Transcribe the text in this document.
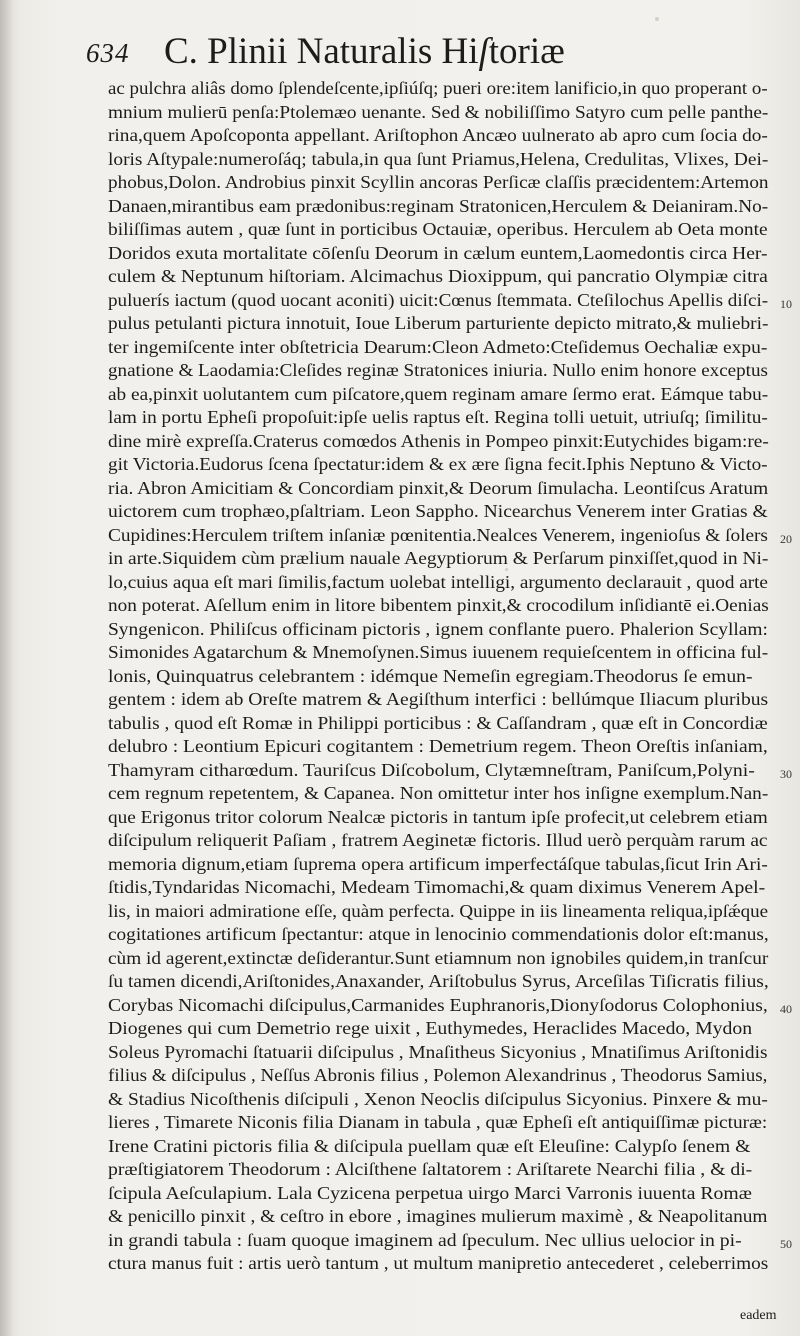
634 C. Plinii Naturalis Hiſtoriæ
ac pulchra aliâs domo ſplendeſcente,ipſiúſq; pueri ore:item lanificio,in quo properant o-
mnium mulierū penſa:Ptolemæo uenante. Sed & nobiliſſimo Satyro cum pelle panthe-
rina,quem Apoſcoponta appellant. Ariſtophon Ancæo uulnerato ab apro cum ſocia do-
loris Aſtypale:numeroſáq; tabula,in qua ſunt Priamus,Helena, Credulitas, Vlixes, Dei-
phobus,Dolon. Androbius pinxit Scyllin ancoras Perſicæ claſſis præcidentem:Artemon
Danaen,mirantibus eam prædonibus:reginam Stratonicen,Herculem & Deianiram.No-
biliſſimas autem , quæ ſunt in porticibus Octauiæ, operibus. Herculem ab Oeta monte
Doridos exuta mortalitate cōſenſu Deorum in cælum euntem,Laomedontis circa Her-
culem & Neptunum hiſtoriam. Alcimachus Dioxippum, qui pancratio Olympiæ citra
puluerís iactum (quod uocant aconiti) uicit:Cœnus ſtemmata. Cteſilochus Apellis diſci-
pulus petulanti pictura innotuit, Ioue Liberum parturiente depicto mitrato,& muliebri-
ter ingemiſcente inter obſtetricia Dearum:Cleon Admeto:Cteſidemus Oechaliæ expu-
gnatione & Laodamia:Cleſides reginæ Stratonices iniuria. Nullo enim honore exceptus
ab ea,pinxit uolutantem cum piſcatore,quem reginam amare ſermo erat. Eámque tabu-
lam in portu Epheſi propoſuit:ipſe uelis raptus eſt. Regina tolli uetuit, utriuſq; ſimilitu-
dine mirè expreſſa.Craterus comœdos Athenis in Pompeo pinxit:Eutychides bigam:re-
git Victoria.Eudorus ſcena ſpectatur:idem & ex ære ſigna fecit.Iphis Neptuno & Victo-
ria. Abron Amicitiam & Concordiam pinxit,& Deorum ſimulacha. Leontiſcus Aratum
uictorem cum trophæo,pſaltriam. Leon Sappho. Nicearchus Venerem inter Gratias &
Cupidines:Herculem triſtem inſaniæ pœnitentia.Nealces Venerem, ingenioſus & ſolers
in arte.Siquidem cùm prælium nauale Aegyptiorum & Perſarum pinxiſſet,quod in Ni-
lo,cuius aqua eſt mari ſimilis,factum uolebat intelligi, argumento declarauit , quod arte
non poterat. Aſellum enim in litore bibentem pinxit,& crocodilum inſidiantē ei.Oenias
Syngenicon. Philiſcus officinam pictoris , ignem conflante puero. Phalerion Scyllam:
Simonides Agatarchum & Mnemoſynen.Simus iuuenem requieſcentem in officina ful-
lonis, Quinquatrus celebrantem : idémque Nemeſin egregiam.Theodorus ſe emun-
gentem : idem ab Oreſte matrem & Aegiſthum interfici : bellúmque Iliacum pluribus
tabulis , quod eſt Romæ in Philippi porticibus : & Caſſandram , quæ eſt in Concordiæ
delubro : Leontium Epicuri cogitantem : Demetrium regem. Theon Oreſtis inſaniam,
Thamyram citharœdum. Tauriſcus Diſcobolum, Clytæmneſtram, Paniſcum,Polyni-
cem regnum repetentem, & Capanea. Non omittetur inter hos inſigne exemplum.Nan-
que Erigonus tritor colorum Nealcæ pictoris in tantum ipſe profecit,ut celebrem etiam
diſcipulum reliquerit Paſiam , fratrem Aeginetæ fictoris. Illud uerò perquàm rarum ac
memoria dignum,etiam ſuprema opera artificum imperfectáſque tabulas,ſicut Irin Ari-
ſtidis,Tyndaridas Nicomachi, Medeam Timomachi,& quam diximus Venerem Apel-
lis, in maiori admiratione eſſe, quàm perfecta. Quippe in iis lineamenta reliqua,ipſǽque
cogitationes artificum ſpectantur: atque in lenocinio commendationis dolor eſt:manus,
cùm id agerent,extinctæ deſiderantur.Sunt etiamnum non ignobiles quidem,in tranſcur
ſu tamen dicendi,Ariſtonides,Anaxander, Ariſtobulus Syrus, Arceſilas Tiſicratis filius,
Corybas Nicomachi diſcipulus,Carmanides Euphranoris,Dionyſodorus Colophonius,
Diogenes qui cum Demetrio rege uixit , Euthymedes, Heraclides Macedo, Mydon
Soleus Pyromachi ſtatuarii diſcipulus , Mnaſitheus Sicyonius , Mnatiſimus Ariſtonidis
filius & diſcipulus , Neſſus Abronis filius , Polemon Alexandrinus , Theodorus Samius,
& Stadius Nicoſthenis diſcipuli , Xenon Neoclis diſcipulus Sicyonius. Pinxere & mu-
lieres , Timarete Niconis filia Dianam in tabula , quæ Epheſi eſt antiquiſſimæ picturæ:
Irene Cratini pictoris filia & diſcipula puellam quæ eſt Eleuſine: Calypſo ſenem &
præſtigiatorem Theodorum : Alciſthene ſaltatorem : Ariſtarete Nearchi filia , & di-
ſcipula Aeſculapium. Lala Cyzicena perpetua uirgo Marci Varronis iuuenta Romæ
& penicillo pinxit , & ceſtro in ebore , imagines mulierum maximè , & Neapolitanum
in grandi tabula : ſuam quoque imaginem ad ſpeculum. Nec ullius uelocior in pi-
ctura manus fuit : artis uerò tantum , ut multum manipretio antecederet , celeberrimos
10
20
30
40
50
eadem
